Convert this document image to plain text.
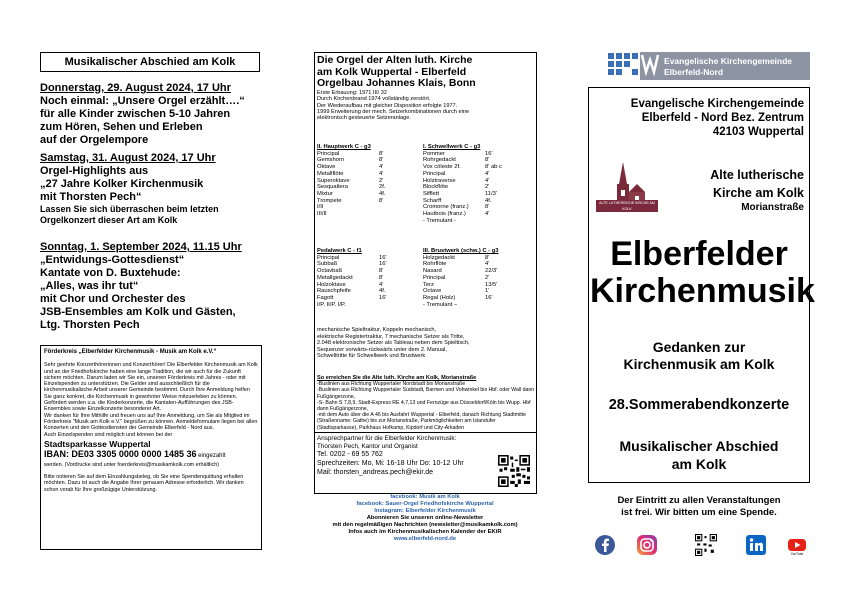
Musikalischer Abschied am Kolk
Donnerstag, 29. August 2024, 17 Uhr
Noch einmal: „Unsere Orgel erzählt….“
für alle Kinder zwischen 5-10 Jahren
zum Hören, Sehen und Erleben
auf der Orgelempore
Samstag, 31. August 2024, 17 Uhr
Orgel-Highlights aus
„27 Jahre Kolker Kirchenmusik
mit Thorsten Pech“
Lassen Sie sich überraschen beim letzten
Orgelkonzert dieser Art am Kolk
Sonntag, 1. September 2024, 11.15 Uhr
„Entwidungs-Gottesdienst“
Kantate von D. Buxtehude:
„Alles, was ihr tut“
mit Chor und Orchester des
JSB-Ensembles am Kolk und Gästen,
Ltg. Thorsten Pech
Förderkreis „Elberfelder Kirchenmusik - Musik am Kolk e.V.“

Sehr geehrte Konzerthörerinnen und Konzerthörer! Die Elberfelder Kirchenmusik am Kolk und an der Friedhofskirche haben eine lange Tradition, die wir auch für die Zukunft sichern möchten. Darum laden wir Sie ein, unseren Förderkreis mit Jahres - oder mit Einzelspenden zu unterstützen. Die Gelder sind ausschließlich für die kirchenmusikalische Arbeit unserer Gemeinde bestimmt. Durch Ihre Anmeldung helfen Sie ganz konkret, die Kirchenmusik in gewohnter Weise mitzuerleben zu können.

Gefördert werden u.a. die Kinderkonzerte, die Kantaten-Aufführungen des JSB-Ensembles sowie Einzelkonzerte besonderer Art.

Wir danken für Ihre Mithilfe und freuen uns auf Ihre Anmeldung, um Sie als Mitglied im Förderkreis "Musik am Kolk e.V." begrüßen zu können. Anmeldeformulare liegen bei allen Konzerten und den Gottesdiensten der Gemeinde Elberfeld - Nord aus.

Auch Einzelspenden sind möglich und können bei der

Stadtsparkasse Wuppertal
IBAN: DE03 3305 0000 0000 1485 36 eingezahlt

werden. (Vordrucke sind unter foerderkreis@musikamkolk.com erhältlich)

Bitte notieren Sie auf dem Einzahlungsbeleg, ob Sie eine Spendenquittung erhalten möchten. Dazu ist auch die Angabe Ihrer genauen Adresse erforderlich. Wir danken schon vorab für Ihre großzügige Unterstützung.

Die Orgel der Alten luth. Kirche
am Kolk Wuppertal - Elberfeld
Orgelbau Johannes Klais, Bonn
Erste Erbauung: 1971 III/ 32
Durch Kirchenbrand 1974 vollständig zerstört.
Der Wiederaufbau mit gleicher Disposition erfolgte 1977.
1999 Erweiterung der mech. Setzerkombinationen durch eine
elektronisch gesteuerte Setzeranlage.
II. Hauptwerk C - g3
Principal	8'
Gemshorn	8'
Oktave	4'
Metallflöte	4'
Superoktave	2'
Sesqualtera	2f.
Mixtur	4f.
Trompete	8'
I/II	
III/II	
I. Schwellwerk C - g3
Pommer	16'
Rohrgedackt	8'
Vox cöleste 2f.	8' ab c
Principal	4'
Holztraverse	4'
Blockflöte	2'
Sifflett	11/3'
Scharff	4f.
Cromorne (franz.)	8'
Hautbois (franz.)	4'
- Tremulant -	
Pedalwerk C - f1
Principal	16'
Subbaß	16'
Octavbaß	8'
Metallgedackt	8'
Holzoktave	4'
Rauschpfeife	4f.
Fagott	16'
I/P. II/P. I/P.	
III. Brustwerk (schw.) C - g3
Holzgedackt	8'
Rohrflöte	4'
Nasard	22/3'
Principal	2'
Terz	13/5'
Octave	1'
Regal (Holz)	16'
- Tremulant –	
mechanische Spieltraktur, Koppeln mechanisch,
elektrische Registertraktur, 7 mechanische Setzer als Tritte,
2.048 elektronische Setzer als Tableau neben dem Spieltisch,
Sequenzer vorwärts-rückwärts unter dem 2. Manual,
Schwelltritte für Schwellwerk und Brustwerk
So erreichen Sie die Alte luth. Kirche am Kolk, Morianstraße
-Buslinien aus Richtung Wuppertaler Nordstadt bis Morianstraße
-Buslinien aus Richtung Wuppertaler Südstadt, Barmen und Vohwinkel bis Hbf. oder Wall dann Fußgängerzone,
-S- Bahn S 7,8,9, Stadt-Express RE 4,7,13 und Fernzüge aus Düsseldorf/Köln bis Wupp. Hbf dann Fußgängerzone,
-mit dem Auto über die A 46 bis Ausfahrt Wuppertal - Elberfeld, danach Richtung Stadtmitte (Straßenname: Gathe) bis zur Morianstraße, Parkmöglichkeiten am Islandufer (Stadtsparkasse), Parkhaus Hofkamp, Kipdorf und City-Arkaden
Ansprechpartner für die Elberfelder Kirchenmusik:
Thorsten Pech, Kantor und Organist
Tel. 0202 - 69 55 762
Sprechzeiten: Mo, Mi: 16-18 Uhr Do: 10-12 Uhr
Mail: thorsten_andreas.pech@ekir.de
facebook: Musik am Kolk
facebook: Sauer-Orgel Friedhofskirche Wuppertal
Instagram: Elberfelder Kirchenmusik
Abonnieren Sie unseren online-Newsletter
mit den regelmäßigen Nachrichten (newsletter@musikamkolk.com)
Infos auch im Kirchenmusikalischen Kalender der EKiR
www.elberfeld-nord.de
Evangelische Kirchengemeinde
Elberfeld-Nord
Evangelische Kirchengemeinde
Elberfeld - Nord Bez. Zentrum
42103 Wuppertal
ALTE LUTHERISCHE KIRCHE AM KOLK
Alte lutherische
Kirche am Kolk
Morianstraße
Elberfelder
Kirchenmusik
Gedanken zur
Kirchenmusik am Kolk
28.Sommerabendkonzerte
Musikalischer Abschied
am Kolk
Der Eintritt zu allen Veranstaltungen
ist frei. Wir bitten um eine Spende.
YouTube
